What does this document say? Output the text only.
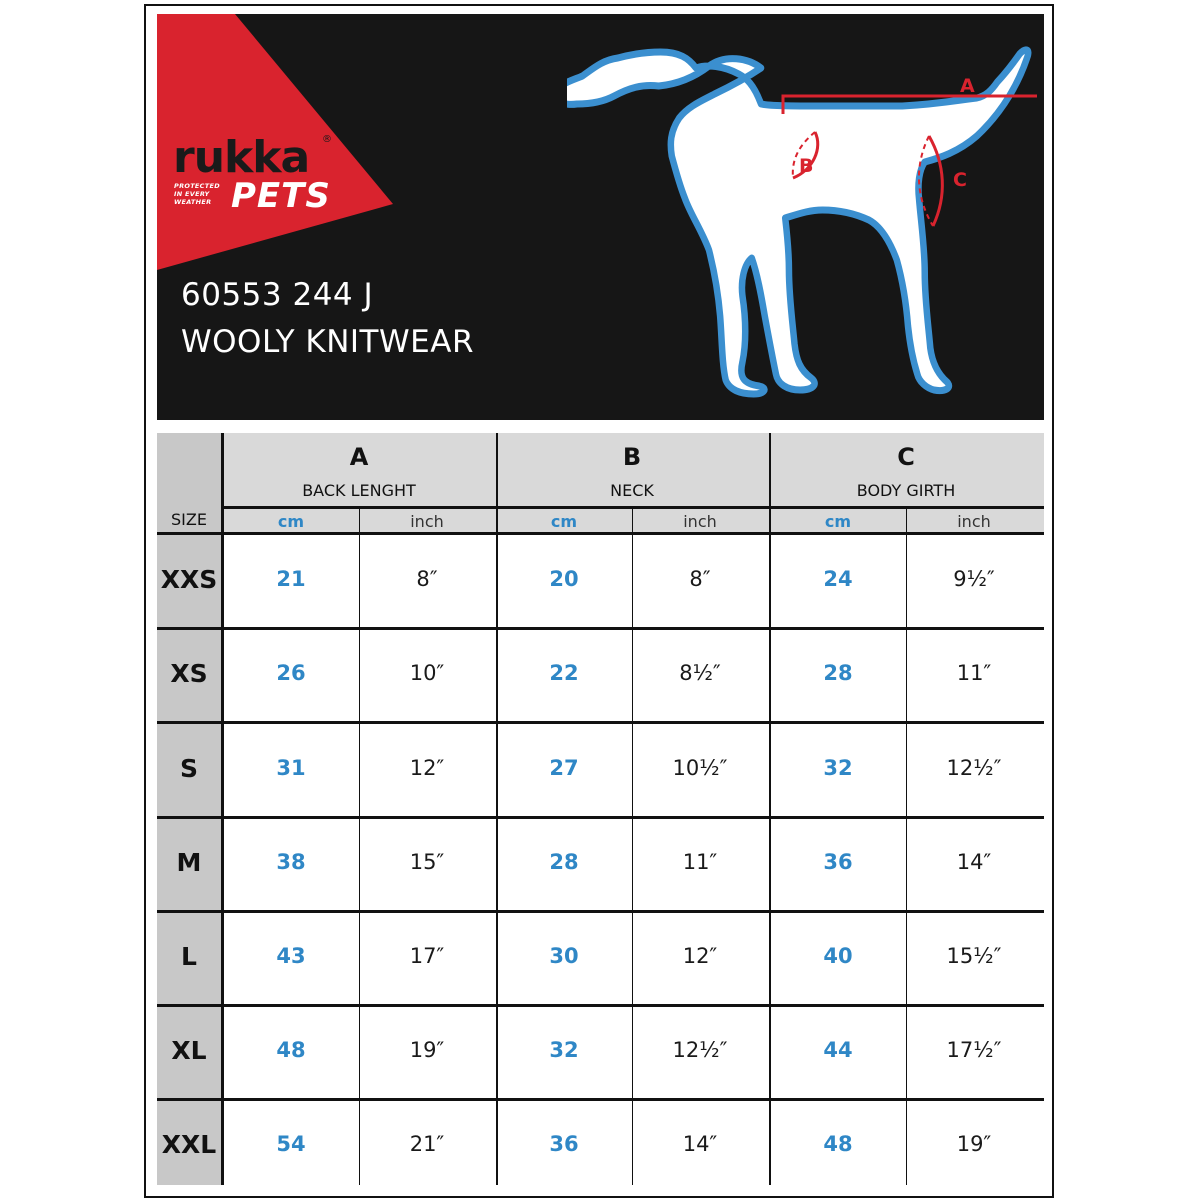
rukka ®
PROTECTED
IN EVERY
WEATHER PETS
60553 244 J
WOOLY KNITWEAR
A
B
C
A
BACK LENGHT
B
NECK
C
BODY GIRTH
SIZE	cm	inch	cm	inch	cm	inch
XXS	21	8″	20	8″	24	9½″
XS	26	10″	22	8½″	28	11″
S	31	12″	27	10½″	32	12½″
M	38	15″	28	11″	36	14″
L	43	17″	30	12″	40	15½″
XL	48	19″	32	12½″	44	17½″
XXL	54	21″	36	14″	48	19″
